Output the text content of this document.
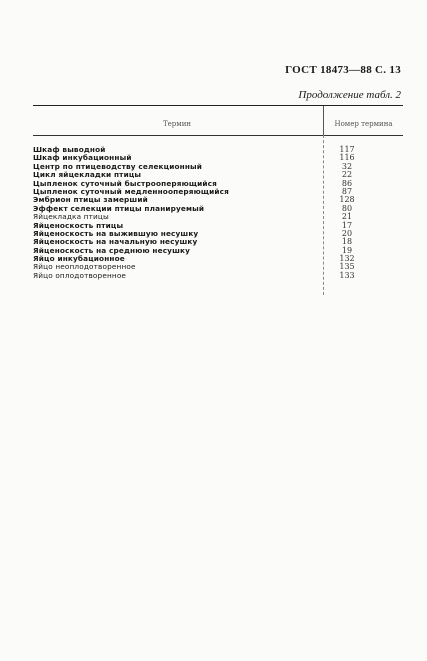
ГОСТ 18473—88 С. 13
Продолжение табл. 2
Термин	Номер термина
Шкаф выводной	117
Шкаф инкубационный	116
Центр по птицеводству селекционный	32
Цикл яйцекладки птицы	22
Цыпленок суточный быстрооперяющийся	86
Цыпленок суточный медленнооперяющийся	87
Эмбрион птицы замерший	128
Эффект селекции птицы планируемый	80
Яйцекладка птицы	21
Яйценоскость птицы	17
Яйценоскость на выжившую несушку	20
Яйценоскость на начальную несушку	18
Яйценоскость на среднюю несушку	19
Яйцо инкубационное	132
Яйцо неоплодотворенное	135
Яйцо оплодотворенное	133
